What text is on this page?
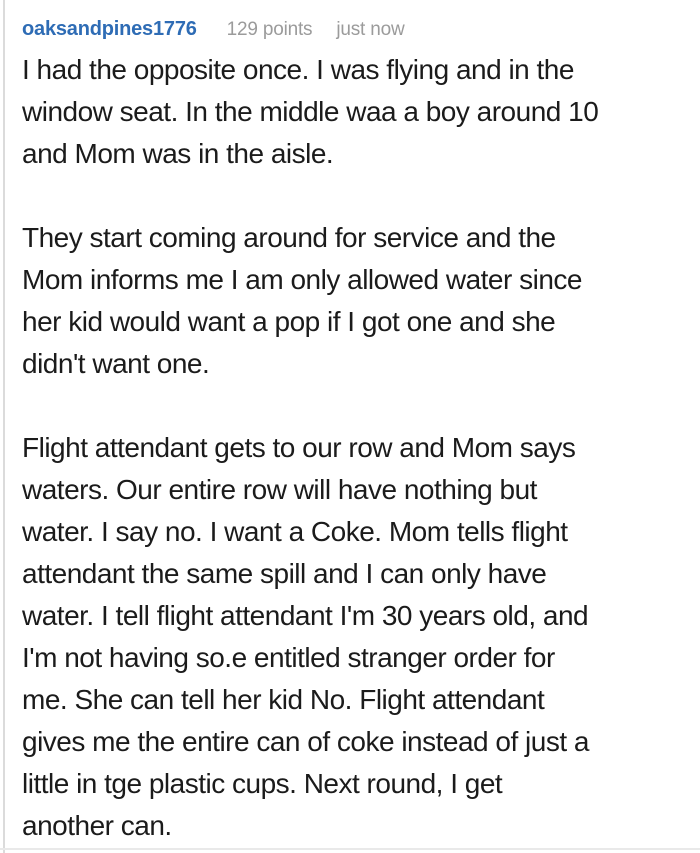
oaksandpines1776 129 points just now
I had the opposite once. I was flying and in the
window seat. In the middle waa a boy around 10
and Mom was in the aisle.
They start coming around for service and the
Mom informs me I am only allowed water since
her kid would want a pop if I got one and she
didn't want one.
Flight attendant gets to our row and Mom says
waters. Our entire row will have nothing but
water. I say no. I want a Coke. Mom tells flight
attendant the same spill and I can only have
water. I tell flight attendant I'm 30 years old, and
I'm not having so.e entitled stranger order for
me. She can tell her kid No. Flight attendant
gives me the entire can of coke instead of just a
little in tge plastic cups. Next round, I get
another can.
